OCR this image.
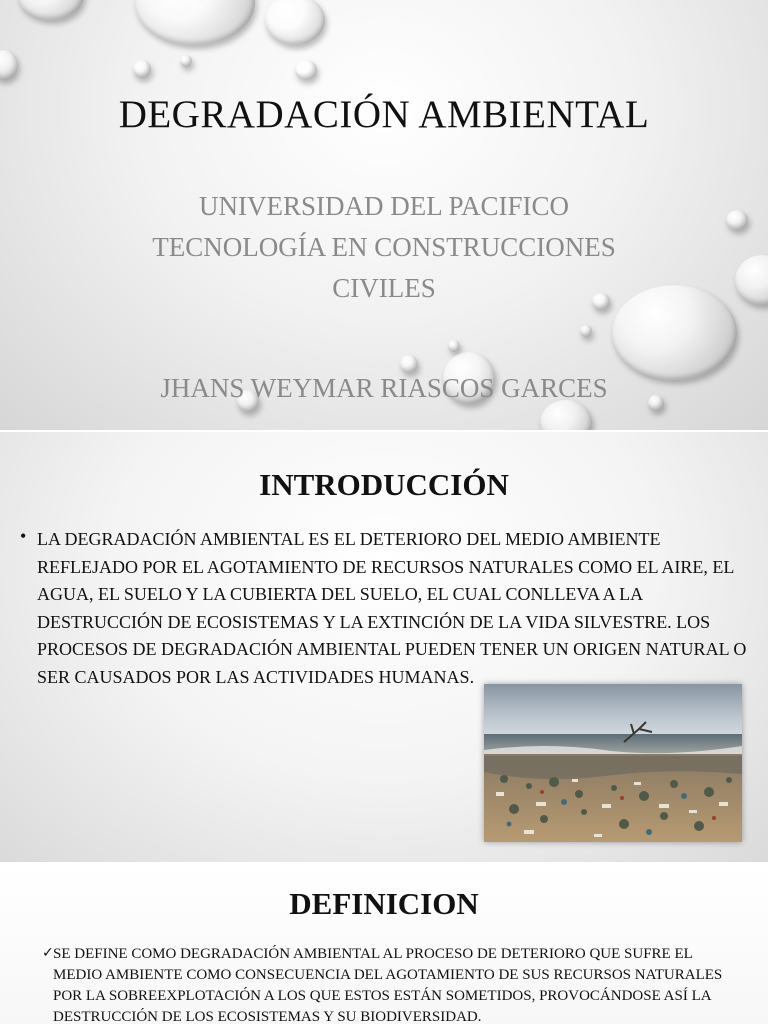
DEGRADACIÓN AMBIENTAL
UNIVERSIDAD DEL PACIFICO
TECNOLOGÍA EN CONSTRUCCIONES
CIVILES
JHANS WEYMAR RIASCOS GARCES
INTRODUCCIÓN
• LA DEGRADACIÓN AMBIENTAL ES EL DETERIORO DEL MEDIO AMBIENTE REFLEJADO POR EL AGOTAMIENTO DE RECURSOS NATURALES COMO EL AIRE, EL AGUA, EL SUELO Y LA CUBIERTA DEL SUELO, EL CUAL CONLLEVA A LA DESTRUCCIÓN DE ECOSISTEMAS Y LA EXTINCIÓN DE LA VIDA SILVESTRE. LOS PROCESOS DE DEGRADACIÓN AMBIENTAL PUEDEN TENER UN ORIGEN NATURAL O SER CAUSADOS POR LAS ACTIVIDADES HUMANAS.
DEFINICION
✓ SE DEFINE COMO DEGRADACIÓN AMBIENTAL AL PROCESO DE DETERIORO QUE SUFRE EL MEDIO AMBIENTE COMO CONSECUENCIA DEL AGOTAMIENTO DE SUS RECURSOS NATURALES POR LA SOBREEXPLOTACIÓN A LOS QUE ESTOS ESTÁN SOMETIDOS, PROVOCÁNDOSE ASÍ LA DESTRUCCIÓN DE LOS ECOSISTEMAS Y SU BIODIVERSIDAD.
